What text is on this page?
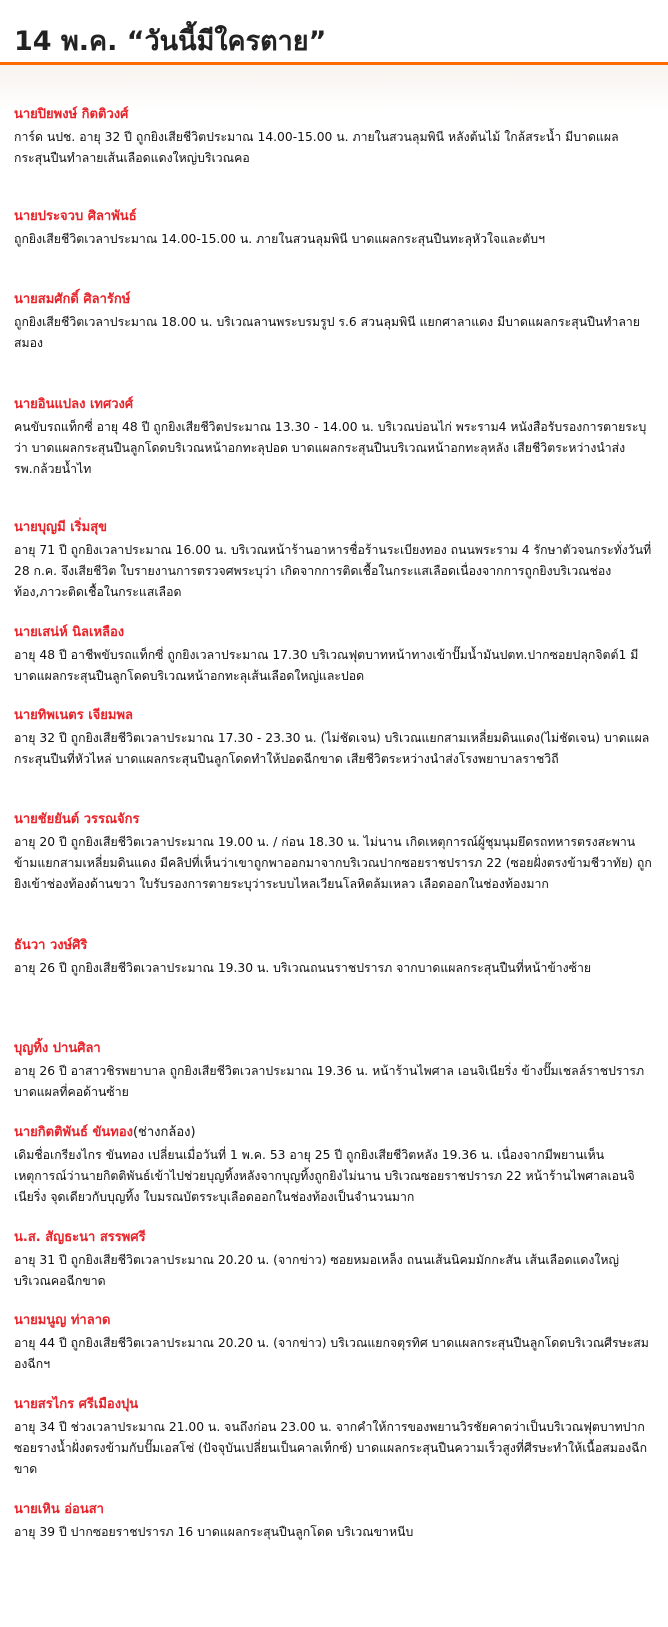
14 พ.ค. “วันนี้มีใครตาย”
นายปิยพงษ์ กิตติวงศ์
การ์ด นปช. อายุ 32 ปี ถูกยิงเสียชีวิตประมาณ 14.00-15.00 น. ภายในสวนลุมพินี หลังต้นไม้ ใกล้สระน้ำ มีบาดแผลกระสุนปืนทำลายเส้นเลือดแดงใหญ่บริเวณคอ
นายประจวบ ศิลาพันธ์
ถูกยิงเสียชีวิตเวลาประมาณ 14.00-15.00 น. ภายในสวนลุมพินี บาดแผลกระสุนปืนทะลุหัวใจและตับฯ
นายสมศักดิ์ ศิลารักษ์
ถูกยิงเสียชีวิตเวลาประมาณ 18.00 น. บริเวณลานพระบรมรูป ร.6 สวนลุมพินี แยกศาลาแดง มีบาดแผลกระสุนปืนทำลายสมอง
นายอินแปลง เทศวงศ์
คนขับรถแท็กซี่ อายุ 48 ปี ถูกยิงเสียชีวิตประมาณ 13.30 - 14.00 น. บริเวณบ่อนไก่ พระราม4 หนังสือรับรองการตายระบุว่า บาดแผลกระสุนปืนลูกโดดบริเวณหน้าอกทะลุปอด บาดแผลกระสุนปืนบริเวณหน้าอกทะลุหลัง เสียชีวิตระหว่างนำส่งรพ.กล้วยน้ำไท
นายบุญมี เริ่มสุข
อายุ 71 ปี ถูกยิงเวลาประมาณ 16.00 น. บริเวณหน้าร้านอาหารชื่อร้านระเบียงทอง ถนนพระราม 4 รักษาตัวจนกระทั่งวันที่ 28 ก.ค. จึงเสียชีวิต ใบรายงานการตรวจศพระบุว่า เกิดจากการติดเชื้อในกระแสเลือดเนื่องจากการถูกยิงบริเวณช่องท้อง,ภาวะติดเชื้อในกระแสเลือด
นายเสน่ห์ นิลเหลือง
อายุ 48 ปี อาชีพขับรถแท็กซี่ ถูกยิงเวลาประมาณ 17.30 บริเวณฟุตบาทหน้าทางเข้าปั๊มน้ำมันปตท.ปากซอยปลุกจิตต์1 มีบาดแผลกระสุนปืนลูกโดดบริเวณหน้าอกทะลุเส้นเลือดใหญ่และปอด
นายทิพเนตร เจียมพล
อายุ 32 ปี ถูกยิงเสียชีวิตเวลาประมาณ 17.30 - 23.30 น. (ไม่ชัดเจน) บริเวณแยกสามเหลี่ยมดินแดง(ไม่ชัดเจน) บาดแผลกระสุนปืนที่หัวไหล่ บาดแผลกระสุนปืนลูกโดดทำให้ปอดฉีกขาด เสียชีวิตระหว่างนำส่งโรงพยาบาลราชวิถี
นายชัยยันต์ วรรณจักร
อายุ 20 ปี ถูกยิงเสียชีวิตเวลาประมาณ 19.00 น. / ก่อน 18.30 น. ไม่นาน เกิดเหตุการณ์ผู้ชุมนุมยึดรถทหารตรงสะพานข้ามแยกสามเหลี่ยมดินแดง มีคลิปที่เห็นว่าเขาถูกพาออกมาจากบริเวณปากซอยราชปรารภ 22 (ซอยฝั่งตรงข้ามชีวาทัย) ถูกยิงเข้าช่องท้องด้านขวา ใบรับรองการตายระบุว่าระบบไหลเวียนโลหิตล้มเหลว เลือดออกในช่องท้องมาก
ธันวา วงษ์ศิริ
อายุ 26 ปี ถูกยิงเสียชีวิตเวลาประมาณ 19.30 น. บริเวณถนนราชปรารภ จากบาดแผลกระสุนปืนที่หน้าข้างซ้าย
บุญทิ้ง ปานศิลา
อายุ 26 ปี อาสาวชิรพยาบาล ถูกยิงเสียชีวิตเวลาประมาณ 19.36 น. หน้าร้านไพศาล เอนจิเนียริ่ง ข้างปั๊มเชลล์ราชปรารภ บาดแผลที่คอด้านซ้าย
นายกิตติพันธ์ ขันทอง(ช่างกล้อง)
เดิมชื่อเกรียงไกร ขันทอง เปลี่ยนเมื่อวันที่ 1 พ.ค. 53 อายุ 25 ปี ถูกยิงเสียชีวิตหลัง 19.36 น. เนื่องจากมีพยานเห็นเหตุการณ์ว่านายกิตติพันธ์เข้าไปช่วยบุญทิ้งหลังจากบุญทิ้งถูกยิงไม่นาน บริเวณซอยราชปรารภ 22 หน้าร้านไพศาลเอนจิเนียริ่ง จุดเดียวกับบุญทิ้ง ใบมรณบัตรระบุเลือดออกในช่องท้องเป็นจำนวนมาก
น.ส. สัญธะนา สรรพศรี
อายุ 31 ปี ถูกยิงเสียชีวิตเวลาประมาณ 20.20 น. (จากข่าว) ซอยหมอเหล็ง ถนนเส้นนิคมมักกะสัน เส้นเลือดแดงใหญ่บริเวณคอฉีกขาด
นายมนูญ ท่าลาด
อายุ 44 ปี ถูกยิงเสียชีวิตเวลาประมาณ 20.20 น. (จากข่าว) บริเวณแยกจตุรทิศ บาดแผลกระสุนปืนลูกโดดบริเวณศีรษะสมองฉีกฯ
นายสรไกร ศรีเมืองปุน
อายุ 34 ปี ช่วงเวลาประมาณ 21.00 น. จนถึงก่อน 23.00 น. จากคำให้การของพยานวิรชัยคาดว่าเป็นบริเวณฟุตบาทปากซอยรางน้ำฝั่งตรงข้ามกับปั๊มเอสโซ่ (ปัจจุบันเปลี่ยนเป็นคาลเท็กซ์) บาดแผลกระสุนปืนความเร็วสูงที่ศีรษะทำให้เนื้อสมองฉีกขาด
นายเหิน อ่อนสา
อายุ 39 ปี ปากซอยราชปรารภ 16 บาดแผลกระสุนปืนลูกโดด บริเวณขาหนีบ
